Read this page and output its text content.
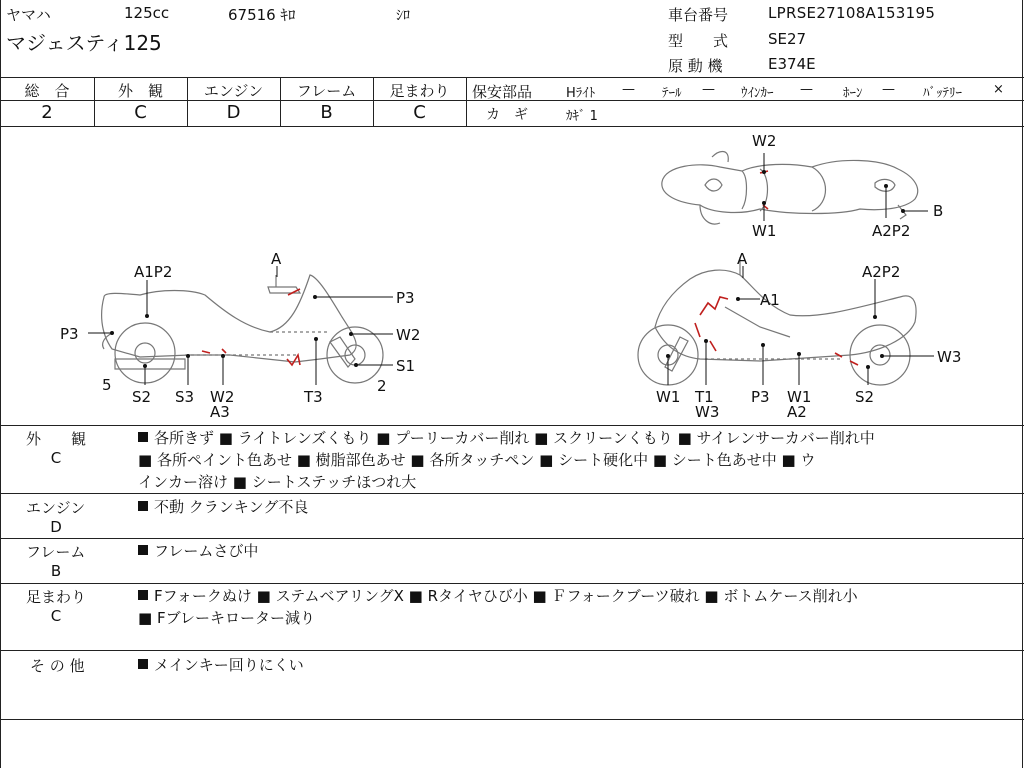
ヤマハ	125cc	67516 ｷﾛ	ｼﾛ
マジェスティ125
車台番号	LPRSE27108A153195
型　　式	SE27
原 動 機	E374E
総　合
2
外　観
C
エンジン
D
フレーム
B
足まわり
C
保安部品	Hﾗｲﾄ — ﾃｰﾙ — ｳｲﾝｶｰ — ﾎｰﾝ — ﾊﾞｯﾃﾘｰ ×
カ　ギ	ｶｷﾞ 1
W2
W1	A2P2
B
A
A1P2
P3
P3	W2
S1
2
5
S2 S3 W2
A3
T3
A
A2P2
A1
W3
W1 T1
W3
P3 W1
A2
S2
外　　観
C
各所きず ■ ライトレンズくもり ■ プーリーカバー削れ ■ スクリーンくもり ■ サイレンサーカバー削れ中
■ 各所ペイント色あせ ■ 樹脂部色あせ ■ 各所タッチペン ■ シート硬化中 ■ シート色あせ中 ■ ウ
インカー溶け ■ シートステッチほつれ大
エンジン
D
不動 クランキング不良
フレーム
B
フレームさび中
足まわり
C
Fフォークぬけ ■ ステムベアリングX ■ Rタイヤひび小 ■ Ｆフォークブーツ破れ ■ ボトムケース削れ小
■ Fブレーキローター減り
そ の 他	メインキー回りにくい
